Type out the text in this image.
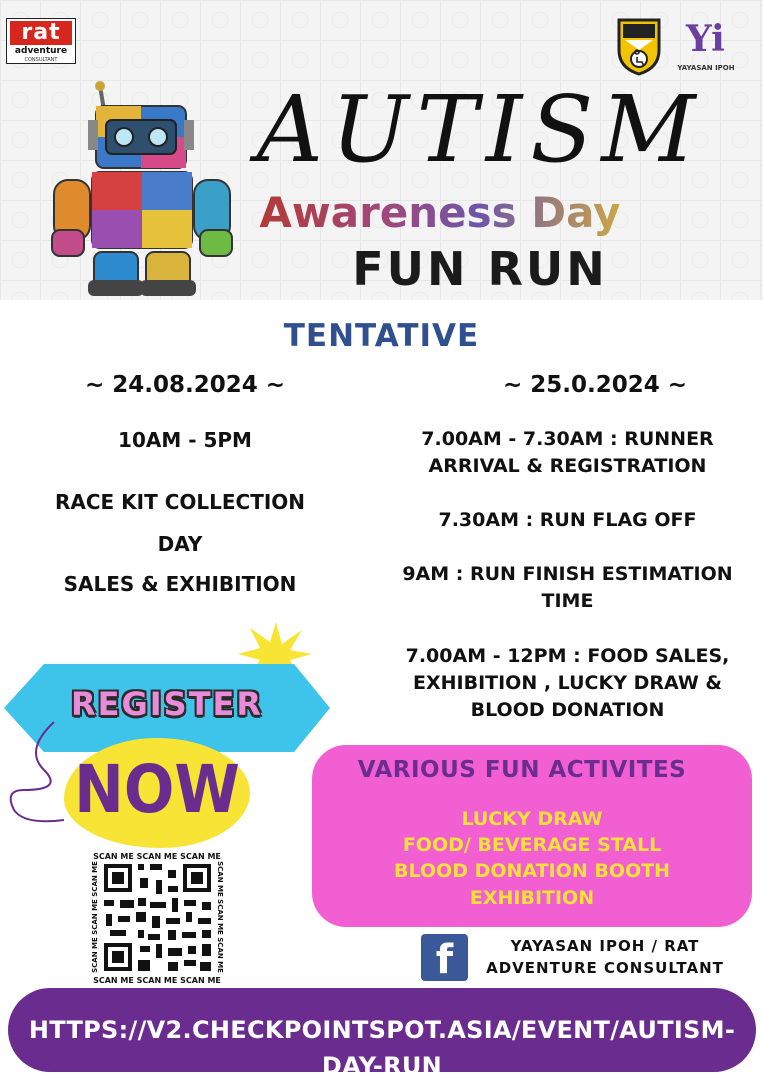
rat
adventure
CONSULTANT	Yi
YAYASAN IPOH
AUTISM
Awareness Day
FUN RUN
TENTATIVE
~ 24.08.2024 ~
10AM - 5PM
RACE KIT COLLECTION
DAY
SALES & EXHIBITION
~ 25.0.2024 ~
7.00AM - 7.30AM : RUNNER
ARRIVAL & REGISTRATION
7.30AM : RUN FLAG OFF
9AM : RUN FINISH ESTIMATION
TIME
7.00AM - 12PM : FOOD SALES,
EXHIBITION , LUCKY DRAW &
BLOOD DONATION
REGISTER
NOW
SCAN ME SCAN ME SCAN ME
SCAN ME SCAN ME SCAN ME
SCAN ME SCAN ME SCAN ME	SCAN ME SCAN ME SCAN ME
VARIOUS FUN ACTIVITES
LUCKY DRAW
FOOD/ BEVERAGE STALL
BLOOD DONATION BOOTH
EXHIBITION
f	YAYASAN IPOH / RAT
ADVENTURE CONSULTANT
HTTPS://V2.CHECKPOINTSPOT.ASIA/EVENT/AUTISM-DAY-RUN
